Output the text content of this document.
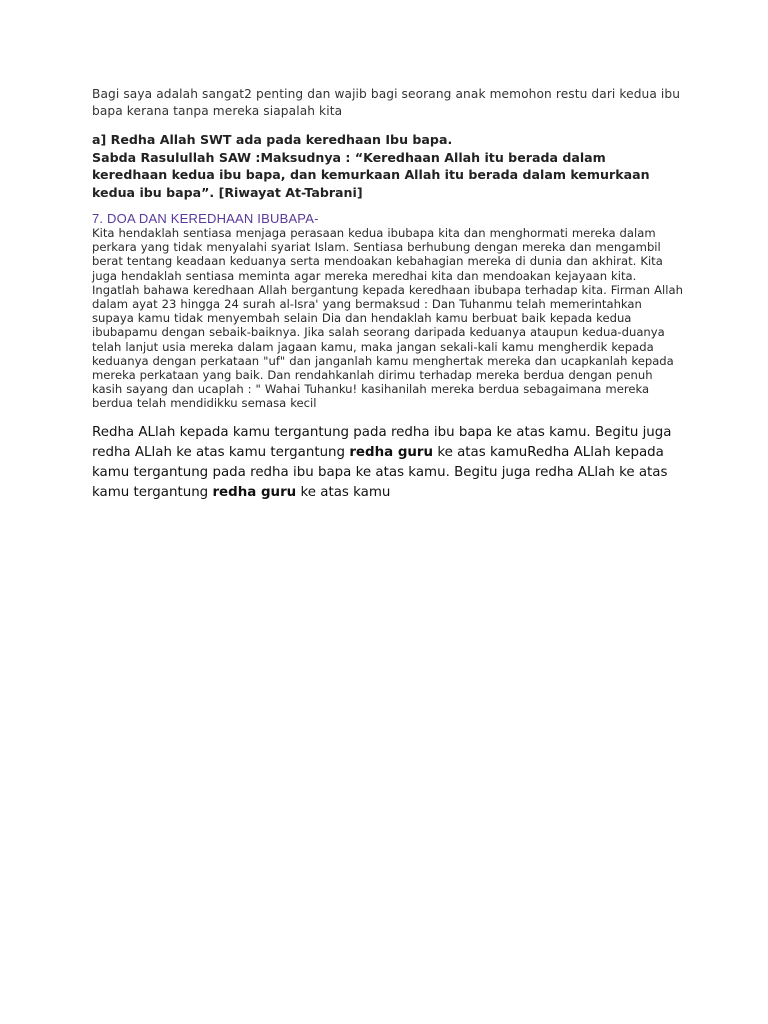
Bagi saya adalah sangat2 penting dan wajib bagi seorang anak memohon restu dari kedua ibu bapa kerana tanpa mereka siapalah kita

a] Redha Allah SWT ada pada keredhaan Ibu bapa.
Sabda Rasulullah SAW :Maksudnya : “Keredhaan Allah itu berada dalam keredhaan kedua ibu bapa, dan kemurkaan Allah itu berada dalam kemurkaan kedua ibu bapa”. [Riwayat At-Tabrani]

7. DOA DAN KEREDHAAN IBUBAPA-

Kita hendaklah sentiasa menjaga perasaan kedua ibubapa kita dan menghormati mereka dalam perkara yang tidak menyalahi syariat Islam. Sentiasa berhubung dengan mereka dan mengambil berat tentang keadaan keduanya serta mendoakan kebahagian mereka di dunia dan akhirat. Kita juga hendaklah sentiasa meminta agar mereka meredhai kita dan mendoakan kejayaan kita. Ingatlah bahawa keredhaan Allah bergantung kepada keredhaan ibubapa terhadap kita. Firman Allah dalam ayat 23 hingga 24 surah al-Isra' yang bermaksud : Dan Tuhanmu telah memerintahkan supaya kamu tidak menyembah selain Dia dan hendaklah kamu berbuat baik kepada kedua ibubapamu dengan sebaik-baiknya. Jika salah seorang daripada keduanya ataupun kedua-duanya telah lanjut usia mereka dalam jagaan kamu, maka jangan sekali-kali kamu mengherdik kepada keduanya dengan perkataan "uf" dan janganlah kamu menghertak mereka dan ucapkanlah kepada mereka perkataan yang baik. Dan rendahkanlah dirimu terhadap mereka berdua dengan penuh kasih sayang dan ucaplah : " Wahai Tuhanku! kasihanilah mereka berdua sebagaimana mereka berdua telah mendidikku semasa kecil

Redha ALlah kepada kamu tergantung pada redha ibu bapa ke atas kamu. Begitu juga redha ALlah ke atas kamu tergantung redha guru ke atas kamuRedha ALlah kepada kamu tergantung pada redha ibu bapa ke atas kamu. Begitu juga redha ALlah ke atas kamu tergantung redha guru ke atas kamu
